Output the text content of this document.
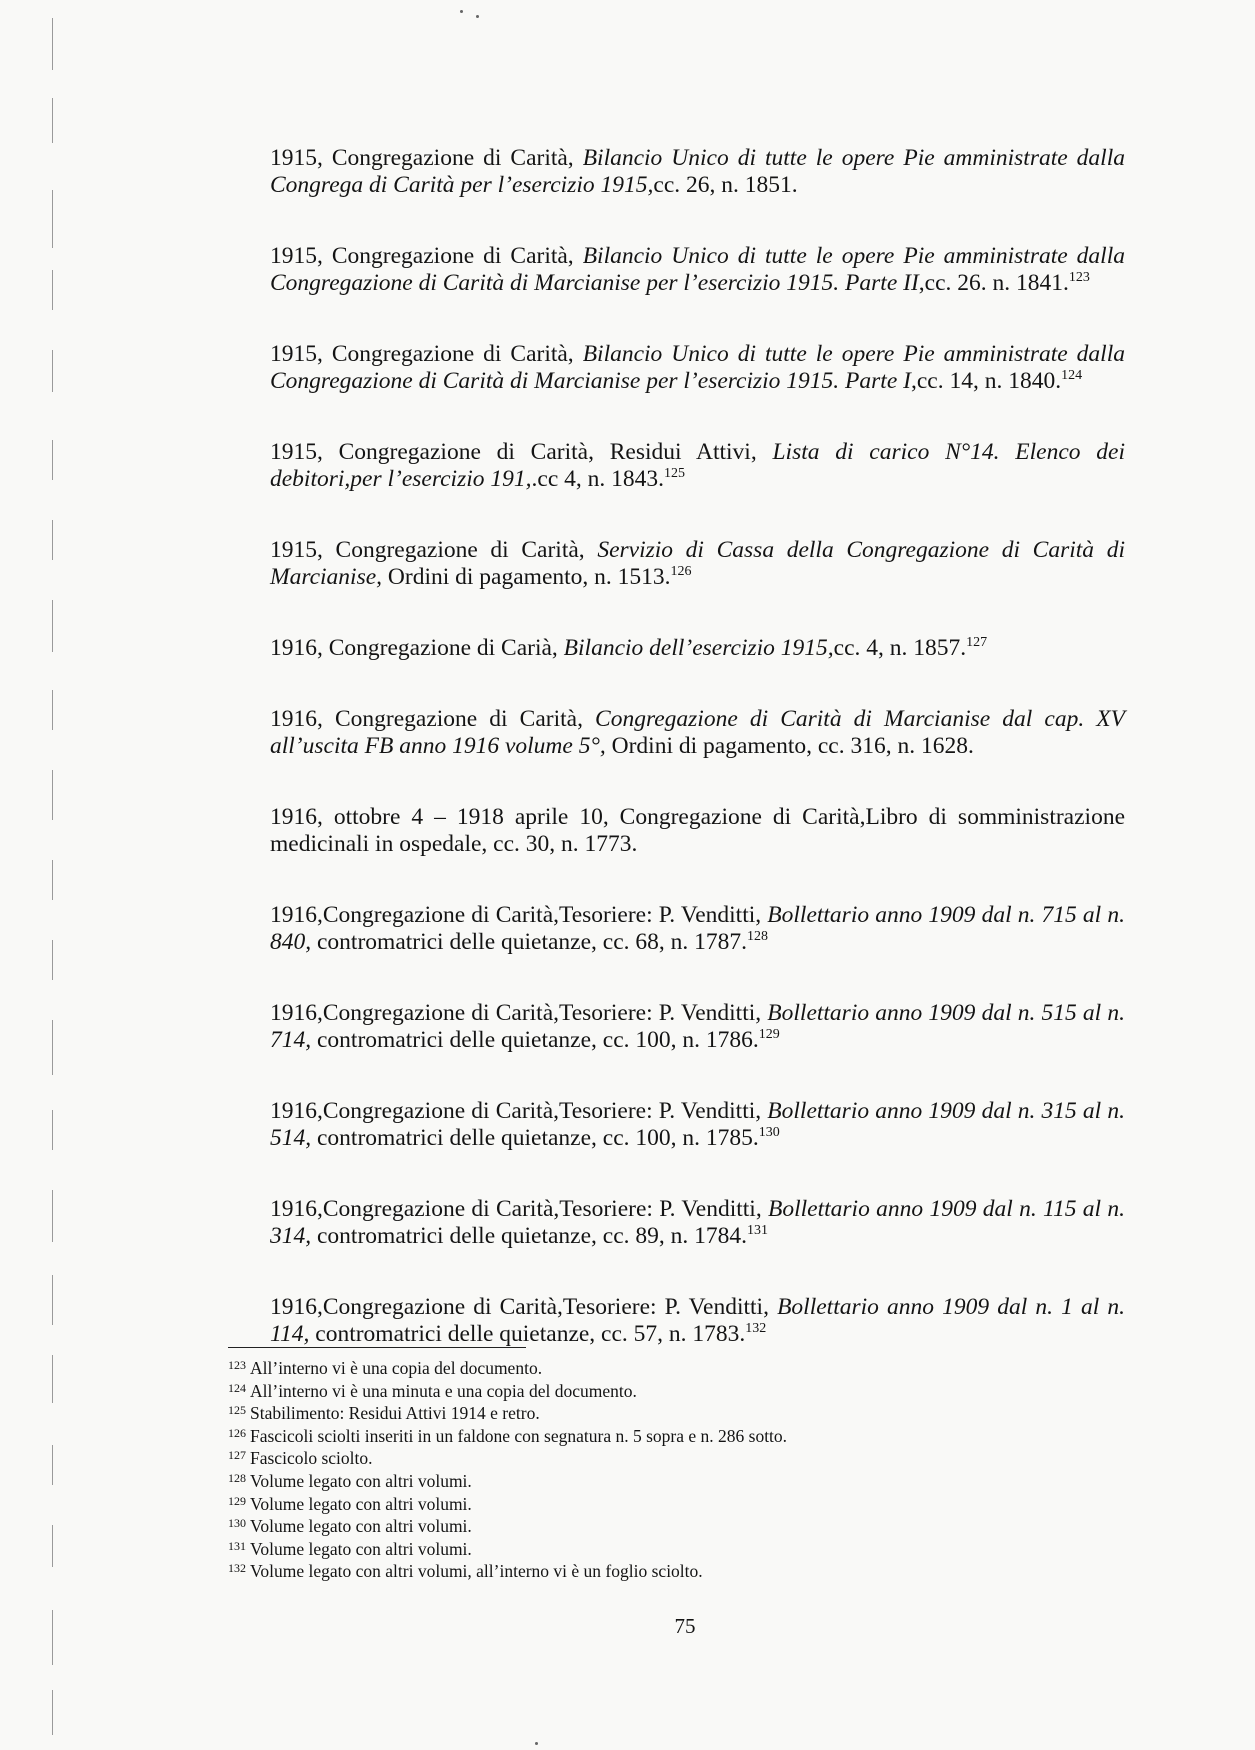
1915, Congregazione di Carità, Bilancio Unico di tutte le opere Pie amministrate dalla Congrega di Carità per l’esercizio 1915,cc. 26, n. 1851.

1915, Congregazione di Carità, Bilancio Unico di tutte le opere Pie amministrate dalla Congregazione di Carità di Marcianise per l’esercizio 1915. Parte II,cc. 26. n. 1841.$^{123}$

1915, Congregazione di Carità, Bilancio Unico di tutte le opere Pie amministrate dalla Congregazione di Carità di Marcianise per l’esercizio 1915. Parte I,cc. 14, n. 1840.$^{124}$

1915, Congregazione di Carità, Residui Attivi, Lista di carico N°14. Elenco dei debitori,per l’esercizio 191,.cc 4, n. 1843.$^{125}$

1915, Congregazione di Carità, Servizio di Cassa della Congregazione di Carità di Marcianise, Ordini di pagamento, n. 1513.$^{126}$

1916, Congregazione di Carià, Bilancio dell’esercizio 1915,cc. 4, n. 1857.$^{127}$

1916, Congregazione di Carità, Congregazione di Carità di Marcianise dal cap. XV all’uscita FB anno 1916 volume 5°, Ordini di pagamento, cc. 316, n. 1628.

1916, ottobre 4 – 1918 aprile 10, Congregazione di Carità,Libro di somministrazione medicinali in ospedale, cc. 30, n. 1773.

1916,Congregazione di Carità,Tesoriere: P. Venditti, Bollettario anno 1909 dal n. 715 al n. 840, contromatrici delle quietanze, cc. 68, n. 1787.$^{128}$

1916,Congregazione di Carità,Tesoriere: P. Venditti, Bollettario anno 1909 dal n. 515 al n. 714, contromatrici delle quietanze, cc. 100, n. 1786.$^{129}$

1916,Congregazione di Carità,Tesoriere: P. Venditti, Bollettario anno 1909 dal n. 315 al n. 514, contromatrici delle quietanze, cc. 100, n. 1785.$^{130}$

1916,Congregazione di Carità,Tesoriere: P. Venditti, Bollettario anno 1909 dal n. 115 al n. 314, contromatrici delle quietanze, cc. 89, n. 1784.$^{131}$

1916,Congregazione di Carità,Tesoriere: P. Venditti, Bollettario anno 1909 dal n. 1 al n. 114, contromatrici delle quietanze, cc. 57, n. 1783.$^{132}$

$^{123}$ All’interno vi è una copia del documento.
$^{124}$ All’interno vi è una minuta e una copia del documento.
$^{125}$ Stabilimento: Residui Attivi 1914 e retro.
$^{126}$ Fascicoli sciolti inseriti in un faldone con segnatura n. 5 sopra e n. 286 sotto.
$^{127}$ Fascicolo sciolto.
$^{128}$ Volume legato con altri volumi.
$^{129}$ Volume legato con altri volumi.
$^{130}$ Volume legato con altri volumi.
$^{131}$ Volume legato con altri volumi.
$^{132}$ Volume legato con altri volumi, all’interno vi è un foglio sciolto.
75
